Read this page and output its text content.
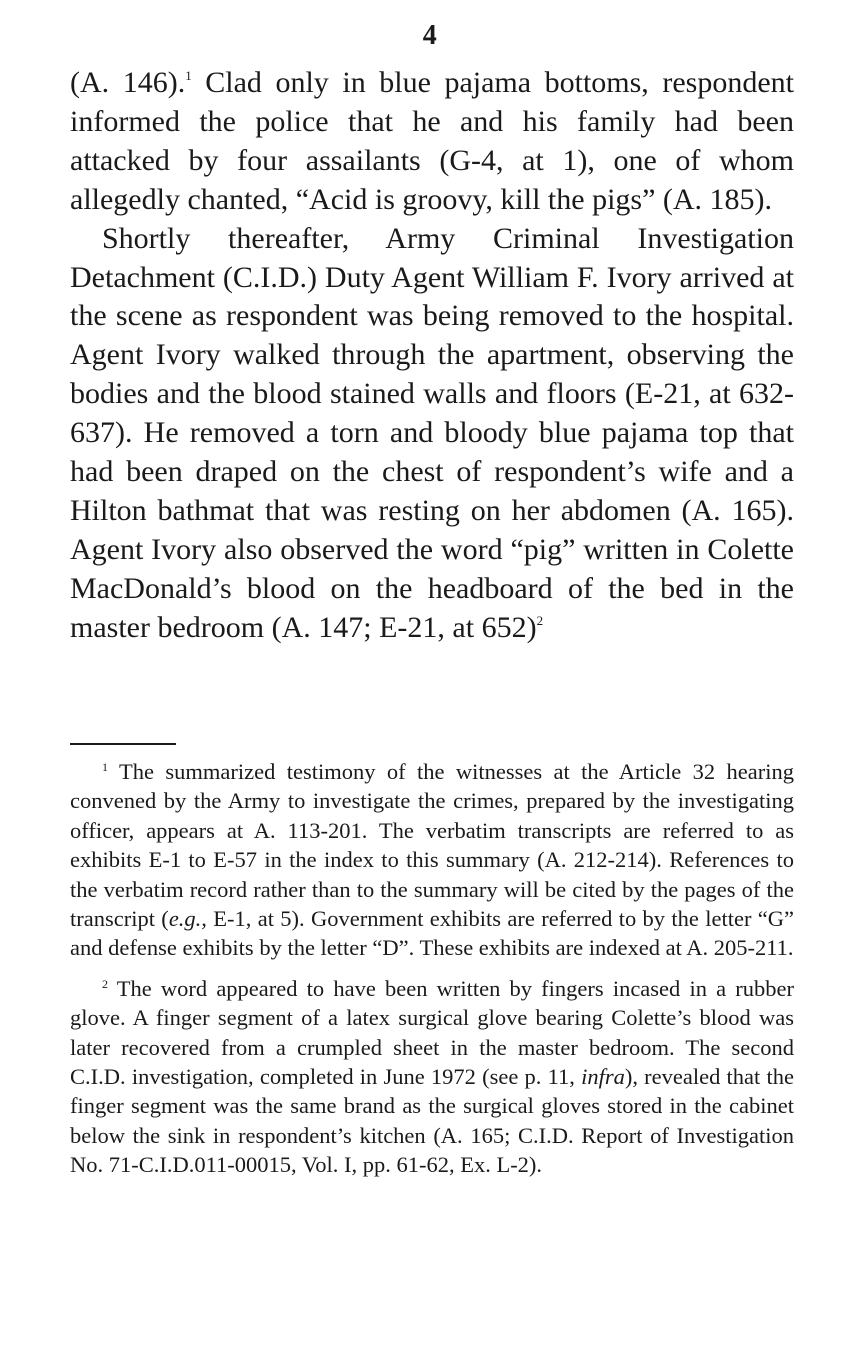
4

(A. 146).$^1$ Clad only in blue pajama bottoms, respondent informed the police that he and his family had been attacked by four assailants (G-4, at 1), one of whom allegedly chanted, “Acid is groovy, kill the pigs” (A. 185).

Shortly thereafter, Army Criminal Investigation Detachment (C.I.D.) Duty Agent William F. Ivory arrived at the scene as respondent was being removed to the hospital. Agent Ivory walked through the apartment, observing the bodies and the blood stained walls and floors (E-21, at 632-637). He removed a torn and bloody blue pajama top that had been draped on the chest of respondent’s wife and a Hilton bathmat that was resting on her abdomen (A. 165). Agent Ivory also observed the word “pig” written in Colette MacDonald’s blood on the headboard of the bed in the master bedroom (A. 147; E-21, at 652)$^2$

$^1$ The summarized testimony of the witnesses at the Article 32 hearing convened by the Army to investigate the crimes, prepared by the investigating officer, appears at A. 113-201. The verbatim transcripts are referred to as exhibits E-1 to E-57 in the index to this summary (A. 212-214). References to the verbatim record rather than to the summary will be cited by the pages of the transcript (e.g., E-1, at 5). Government exhibits are referred to by the letter “G” and defense exhibits by the letter “D”. These exhibits are indexed at A. 205-211.

$^2$ The word appeared to have been written by fingers incased in a rubber glove. A finger segment of a latex surgical glove bearing Colette’s blood was later recovered from a crumpled sheet in the master bedroom. The second C.I.D. investigation, completed in June 1972 (see p. 11, infra), revealed that the finger segment was the same brand as the surgical gloves stored in the cabinet below the sink in respondent’s kitchen (A. 165; C.I.D. Report of Investigation No. 71-C.I.D.011-00015, Vol. I, pp. 61-62, Ex. L-2).
